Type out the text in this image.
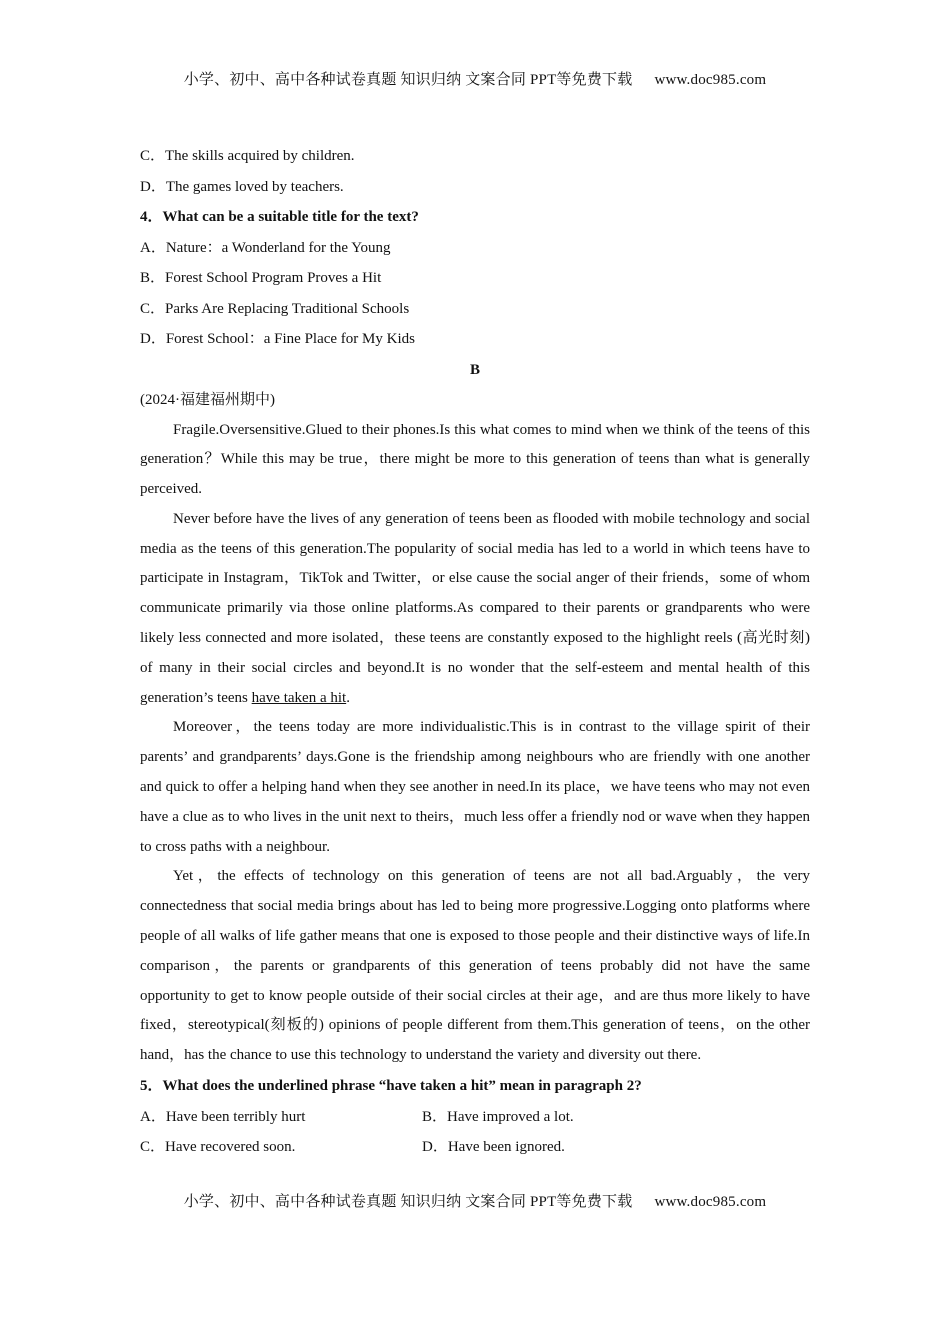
小学、初中、高中各种试卷真题 知识归纳 文案合同 PPT等免费下载 www.doc985.com
C．The skills acquired by children.
D．The games loved by teachers.
4．What can be a suitable title for the text?
A．Nature：a Wonderland for the Young
B．Forest School Program Proves a Hit
C．Parks Are Replacing Traditional Schools
D．Forest School：a Fine Place for My Kids
B
(2024·福建福州期中)

Fragile.Oversensitive.Glued to their phones.Is this what comes to mind when we think of the teens of this generation？While this may be true，there might be more to this generation of teens than what is generally perceived.

Never before have the lives of any generation of teens been as flooded with mobile technology and social media as the teens of this generation.The popularity of social media has led to a world in which teens have to participate in Instagram，TikTok and Twitter，or else cause the social anger of their friends，some of whom communicate primarily via those online platforms.As compared to their parents or grandparents who were likely less connected and more isolated，these teens are constantly exposed to the highlight reels (高光时刻) of many in their social circles and beyond.It is no wonder that the self-esteem and mental health of this generation’s teens have taken a hit.

Moreover，the teens today are more individualistic.This is in contrast to the village spirit of their parents’ and grandparents’ days.Gone is the friendship among neighbours who are friendly with one another and quick to offer a helping hand when they see another in need.In its place，we have teens who may not even have a clue as to who lives in the unit next to theirs，much less offer a friendly nod or wave when they happen to cross paths with a neighbour.

Yet，the effects of technology on this generation of teens are not all bad.Arguably，the very connectedness that social media brings about has led to being more progressive.Logging onto platforms where people of all walks of life gather means that one is exposed to those people and their distinctive ways of life.In comparison，the parents or grandparents of this generation of teens probably did not have the same opportunity to get to know people outside of their social circles at their age，and are thus more likely to have fixed，stereotypical(刻板的) opinions of people different from them.This generation of teens，on the other hand，has the chance to use this technology to understand the variety and diversity out there.

5．What does the underlined phrase “have taken a hit” mean in paragraph 2?
A．Have been terribly hurt	B．Have improved a lot.
C．Have recovered soon.	D．Have been ignored.
小学、初中、高中各种试卷真题 知识归纳 文案合同 PPT等免费下载 www.doc985.com
